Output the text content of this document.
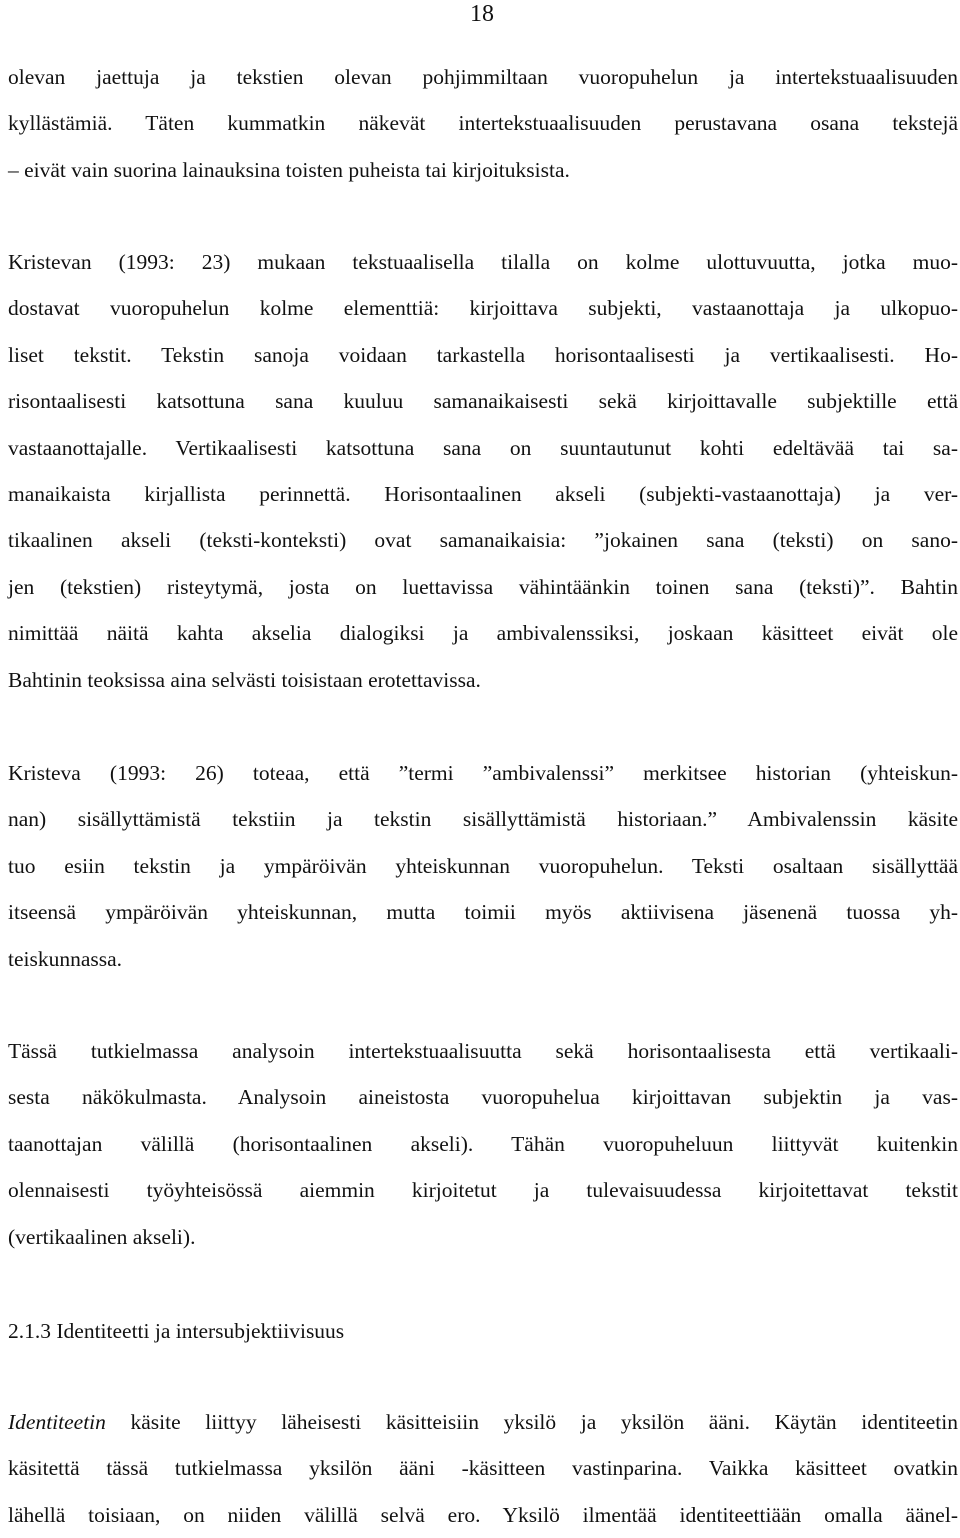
18
olevan jaettuja ja tekstien olevan pohjimmiltaan vuoropuhelun ja intertekstuaalisuuden
kyllästämiä. Täten kummatkin näkevät intertekstuaalisuuden perustavana osana tekstejä
– eivät vain suorina lainauksina toisten puheista tai kirjoituksista.
Kristevan (1993: 23) mukaan tekstuaalisella tilalla on kolme ulottuvuutta, jotka muo-
dostavat vuoropuhelun kolme elementtiä: kirjoittava subjekti, vastaanottaja ja ulkopuo-
liset tekstit. Tekstin sanoja voidaan tarkastella horisontaalisesti ja vertikaalisesti. Ho-
risontaalisesti katsottuna sana kuuluu samanaikaisesti sekä kirjoittavalle subjektille että
vastaanottajalle. Vertikaalisesti katsottuna sana on suuntautunut kohti edeltävää tai sa-
manaikaista kirjallista perinnettä. Horisontaalinen akseli (subjekti-vastaanottaja) ja ver-
tikaalinen akseli (teksti-konteksti) ovat samanaikaisia: ”jokainen sana (teksti) on sano-
jen (tekstien) risteytymä, josta on luettavissa vähintäänkin toinen sana (teksti)”. Bahtin
nimittää näitä kahta akselia dialogiksi ja ambivalenssiksi, joskaan käsitteet eivät ole
Bahtinin teoksissa aina selvästi toisistaan erotettavissa.
Kristeva (1993: 26) toteaa, että ”termi ”ambivalenssi” merkitsee historian (yhteiskun-
nan) sisällyttämistä tekstiin ja tekstin sisällyttämistä historiaan.” Ambivalenssin käsite
tuo esiin tekstin ja ympäröivän yhteiskunnan vuoropuhelun. Teksti osaltaan sisällyttää
itseensä ympäröivän yhteiskunnan, mutta toimii myös aktiivisena jäsenenä tuossa yh-
teiskunnassa.
Tässä tutkielmassa analysoin intertekstuaalisuutta sekä horisontaalisesta että vertikaali-
sesta näkökulmasta. Analysoin aineistosta vuoropuhelua kirjoittavan subjektin ja vas-
taanottajan välillä (horisontaalinen akseli). Tähän vuoropuheluun liittyvät kuitenkin
olennaisesti työyhteisössä aiemmin kirjoitetut ja tulevaisuudessa kirjoitettavat tekstit
(vertikaalinen akseli).
2.1.3 Identiteetti ja intersubjektiivisuus
Identiteetin käsite liittyy läheisesti käsitteisiin yksilö ja yksilön ääni. Käytän identiteetin
käsitettä tässä tutkielmassa yksilön ääni -käsitteen vastinparina. Vaikka käsitteet ovatkin
lähellä toisiaan, on niiden välillä selvä ero. Yksilö ilmentää identiteettiään omalla äänel-
